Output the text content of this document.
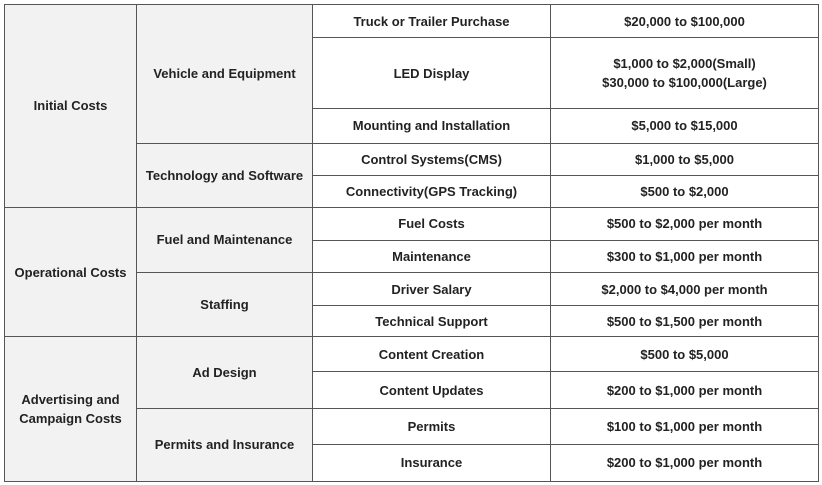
Initial Costs	Vehicle and Equipment	Truck or Trailer Purchase	$20,000 to $100,000
		LED Display	$1,000 to $2,000(Small)
$30,000 to $100,000(Large)

		Mounting and Installation	$5,000 to $15,000
	Technology and Software	Control Systems(CMS)	$1,000 to $5,000
		Connectivity(GPS Tracking)	$500 to $2,000
Operational Costs	Fuel and Maintenance	Fuel Costs	$500 to $2,000 per month
		Maintenance	$300 to $1,000 per month
	Staffing	Driver Salary	$2,000 to $4,000 per month
		Technical Support	$500 to $1,500 per month

Advertising and
Campaign Costs	Ad Design	Content Creation	$500 to $5,000
		Content Updates	$200 to $1,000 per month
	Permits and Insurance	Permits	$100 to $1,000 per month
		Insurance	$200 to $1,000 per month
